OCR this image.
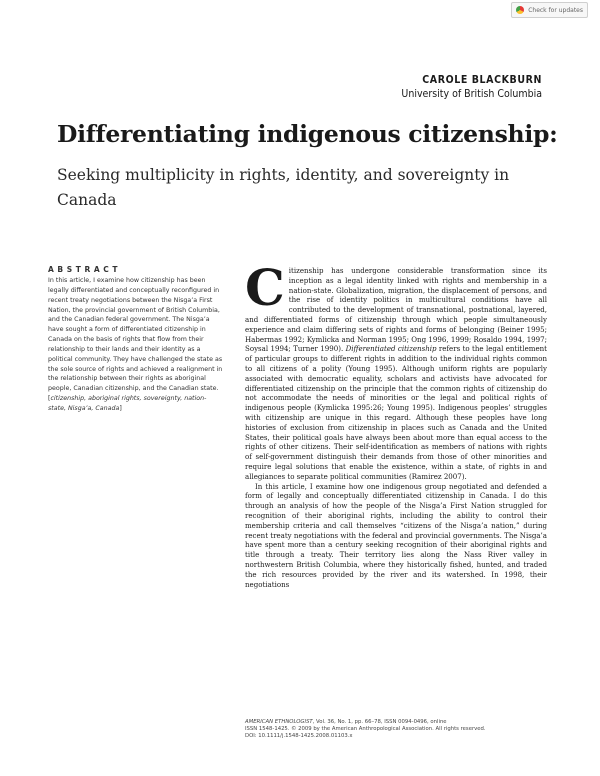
Check for updates
CAROLE BLACKBURN
University of British Columbia
Differentiating indigenous citizenship:
Seeking multiplicity in rights, identity, and sovereignty in Canada
ABSTRACT
In this article, I examine how citizenship has been legally differentiated and conceptually reconfigured in recent treaty negotiations between the Nisga’a First Nation, the provincial government of British Columbia, and the Canadian federal government. The Nisga’a have sought a form of differentiated citizenship in Canada on the basis of rights that flow from their relationship to their lands and their identity as a political community. They have challenged the state as the sole source of rights and achieved a realignment in the relationship between their rights as aboriginal people, Canadian citizenship, and the Canadian state. [citizenship, aboriginal rights, sovereignty, nation-state, Nisga’a, Canada]

Citizenship has undergone considerable transformation since its inception as a legal identity linked with rights and membership in a nation-state. Globalization, migration, the displacement of persons, and the rise of identity politics in multicultural conditions have all contributed to the development of transnational, postnational, layered, and differentiated forms of citizenship through which people simultaneously experience and claim differing sets of rights and forms of belonging (Beiner 1995; Habermas 1992; Kymlicka and Norman 1995; Ong 1996, 1999; Rosaldo 1994, 1997; Soysal 1994; Turner 1990). Differentiated citizenship refers to the legal entitlement of particular groups to different rights in addition to the individual rights common to all citizens of a polity (Young 1995). Although uniform rights are popularly associated with democratic equality, scholars and activists have advocated for differentiated citizenship on the principle that the common rights of citizenship do not accommodate the needs of minorities or the legal and political rights of indigenous people (Kymlicka 1995:26; Young 1995). Indigenous peoples’ struggles with citizenship are unique in this regard. Although these peoples have long histories of exclusion from citizenship in places such as Canada and the United States, their political goals have always been about more than equal access to the rights of other citizens. Their self-identification as members of nations with rights of self-government distinguish their demands from those of other minorities and require legal solutions that enable the existence, within a state, of rights in and allegiances to separate political communities (Ramirez 2007).

In this article, I examine how one indigenous group negotiated and defended a form of legally and conceptually differentiated citizenship in Canada. I do this through an analysis of how the people of the Nisga’a First Nation struggled for recognition of their aboriginal rights, including the ability to control their membership criteria and call themselves “citizens of the Nisga’a nation,” during recent treaty negotiations with the federal and provincial governments. The Nisga’a have spent more than a century seeking recognition of their aboriginal rights and title through a treaty. Their territory lies along the Nass River valley in northwestern British Columbia, where they historically fished, hunted, and traded the rich resources provided by the river and its watershed. In 1998, their negotiations

AMERICAN ETHNOLOGIST, Vol. 36, No. 1, pp. 66–78, ISSN 0094-0496, online
ISSN 1548-1425. © 2009 by the American Anthropological Association. All rights reserved.
DOI: 10.1111/j.1548-1425.2008.01103.x
